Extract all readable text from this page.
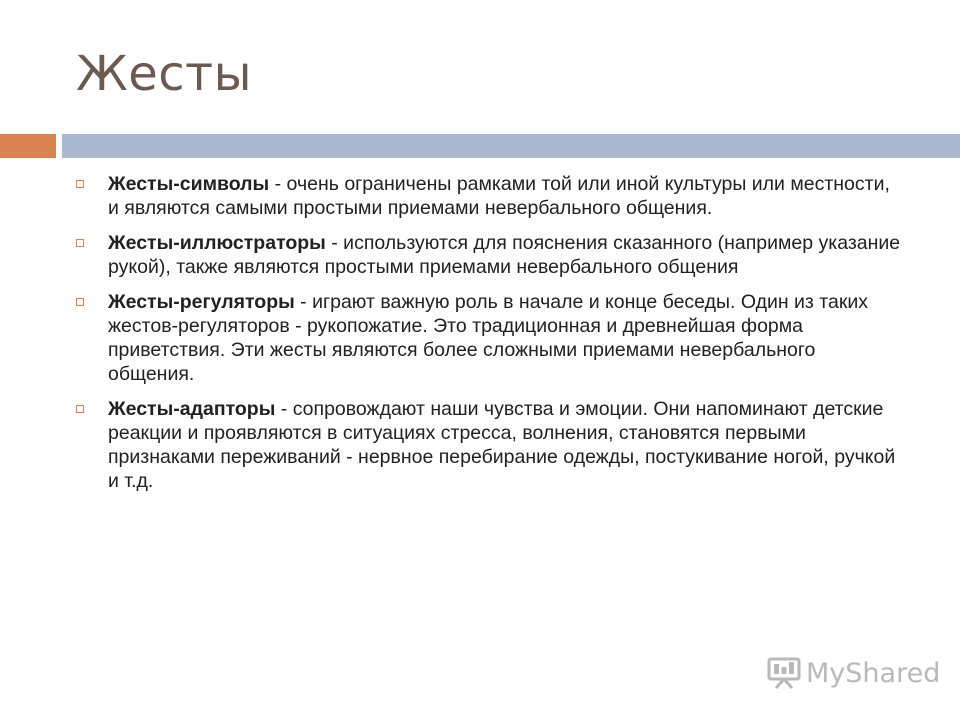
Жесты
Жесты-символы - очень ограничены рамками той или иной культуры или местности, и являются самыми простыми приемами невербального общения.
Жесты-иллюстраторы - используются для пояснения сказанного (например указание рукой), также являются простыми приемами невербального общения
Жесты-регуляторы - играют важную роль в начале и конце беседы. Один из таких жестов-регуляторов - рукопожатие. Это традиционная и древнейшая форма приветствия. Эти жесты являются более сложными приемами невербального общения.
Жесты-адапторы - сопровождают наши чувства и эмоции. Они напоминают детские реакции и проявляются в ситуациях стресса, волнения, становятся первыми признаками переживаний - нервное перебирание одежды, постукивание ногой, ручкой и т.д.
MyShared
